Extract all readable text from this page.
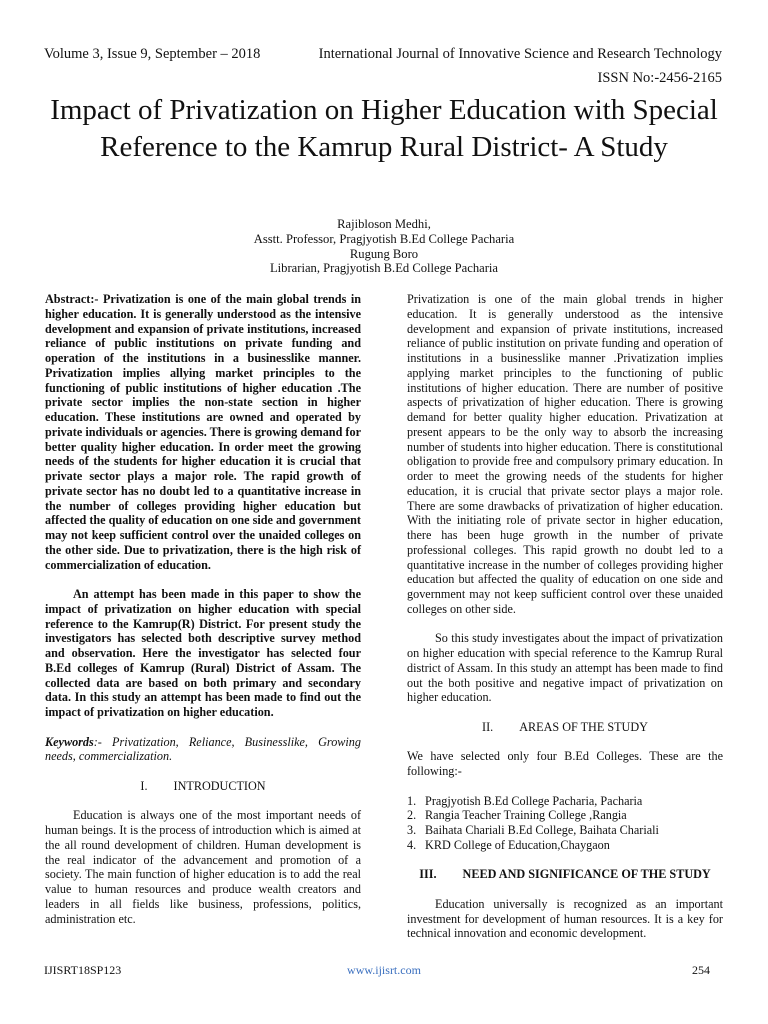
Volume 3, Issue 9, September – 2018	International Journal of Innovative Science and Research Technology
ISSN No:-2456-2165
Impact of Privatization on Higher Education with Special Reference to the Kamrup Rural District- A Study
Rajibloson Medhi,
Asstt. Professor, Pragjyotish B.Ed College Pacharia
Rugung Boro
Librarian, Pragjyotish B.Ed College Pacharia

Abstract:- Privatization is one of the main global trends in higher education. It is generally understood as the intensive development and expansion of private institutions, increased reliance of public institutions on private funding and operation of the institutions in a businesslike manner. Privatization implies allying market principles to the functioning of public institutions of higher education .The private sector implies the non-state section in higher education. These institutions are owned and operated by private individuals or agencies. There is growing demand for better quality higher education. In order meet the growing needs of the students for higher education it is crucial that private sector plays a major role. The rapid growth of private sector has no doubt led to a quantitative increase in the number of colleges providing higher education but affected the quality of education on one side and government may not keep sufficient control over the unaided colleges on the other side. Due to privatization, there is the high risk of commercialization of education.

An attempt has been made in this paper to show the impact of privatization on higher education with special reference to the Kamrup(R) District. For present study the investigators has selected both descriptive survey method and observation. Here the investigator has selected four B.Ed colleges of Kamrup (Rural) District of Assam. The collected data are based on both primary and secondary data. In this study an attempt has been made to find out the impact of privatization on higher education.

Keywords:- Privatization, Reliance, Businesslike, Growing needs, commercialization.

I. INTRODUCTION

Education is always one of the most important needs of human beings. It is the process of introduction which is aimed at the all round development of children. Human development is the real indicator of the advancement and promotion of a society. The main function of higher education is to add the real value to human resources and produce wealth creators and leaders in all fields like business, professions, politics, administration etc.

Privatization is one of the main global trends in higher education. It is generally understood as the intensive development and expansion of private institutions, increased reliance of public institution on private funding and operation of institutions in a businesslike manner .Privatization implies applying market principles to the functioning of public institutions of higher education. There are number of positive aspects of privatization of higher education. There is growing demand for better quality higher education. Privatization at present appears to be the only way to absorb the increasing number of students into higher education. There is constitutional obligation to provide free and compulsory primary education. In order to meet the growing needs of the students for higher education, it is crucial that private sector plays a major role. There are some drawbacks of privatization of higher education. With the initiating role of private sector in higher education, there has been huge growth in the number of private professional colleges. This rapid growth no doubt led to a quantitative increase in the number of colleges providing higher education but affected the quality of education on one side and government may not keep sufficient control over these unaided colleges on other side.

So this study investigates about the impact of privatization on higher education with special reference to the Kamrup Rural district of Assam. In this study an attempt has been made to find out the both positive and negative impact of privatization on higher education.

II. AREAS OF THE STUDY

We have selected only four B.Ed Colleges. These are the following:-

1. Pragjyotish B.Ed College Pacharia, Pacharia
2. Rangia Teacher Training College ,Rangia
3. Baihata Chariali B.Ed College, Baihata Chariali
4. KRD College of Education,Chaygaon

III. NEED AND SIGNIFICANCE OF THE STUDY

Education universally is recognized as an important investment for development of human resources. It is a key for technical innovation and economic development.

IJISRT18SP123	www.ijisrt.com	254
